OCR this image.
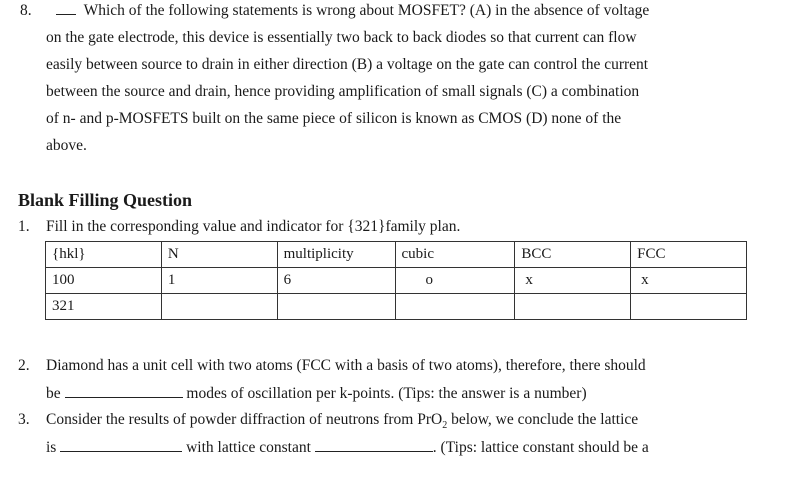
8.	Which of the following statements is wrong about MOSFET? (A) in the absence of voltage
on the gate electrode, this device is essentially two back to back diodes so that current can flow
easily between source to drain in either direction (B) a voltage on the gate can control the current
between the source and drain, hence providing amplification of small signals (C) a combination
of n- and p-MOSFETS built on the same piece of silicon is known as CMOS (D) none of the
above.
Blank Filling Question
1. Fill in the corresponding value and indicator for {321}family plan.
{hkl}	N	multiplicity	cubic	BCC	FCC
100	1	6	o	x	x
321					
2. Diamond has a unit cell with two atoms (FCC with a basis of two atoms), therefore, there should
be	modes of oscillation per k-points. (Tips: the answer is a number)
3. Consider the results of powder diffraction of neutrons from PrO$_2$ below, we conclude the lattice
is	with lattice constant	. (Tips: lattice constant should be a
